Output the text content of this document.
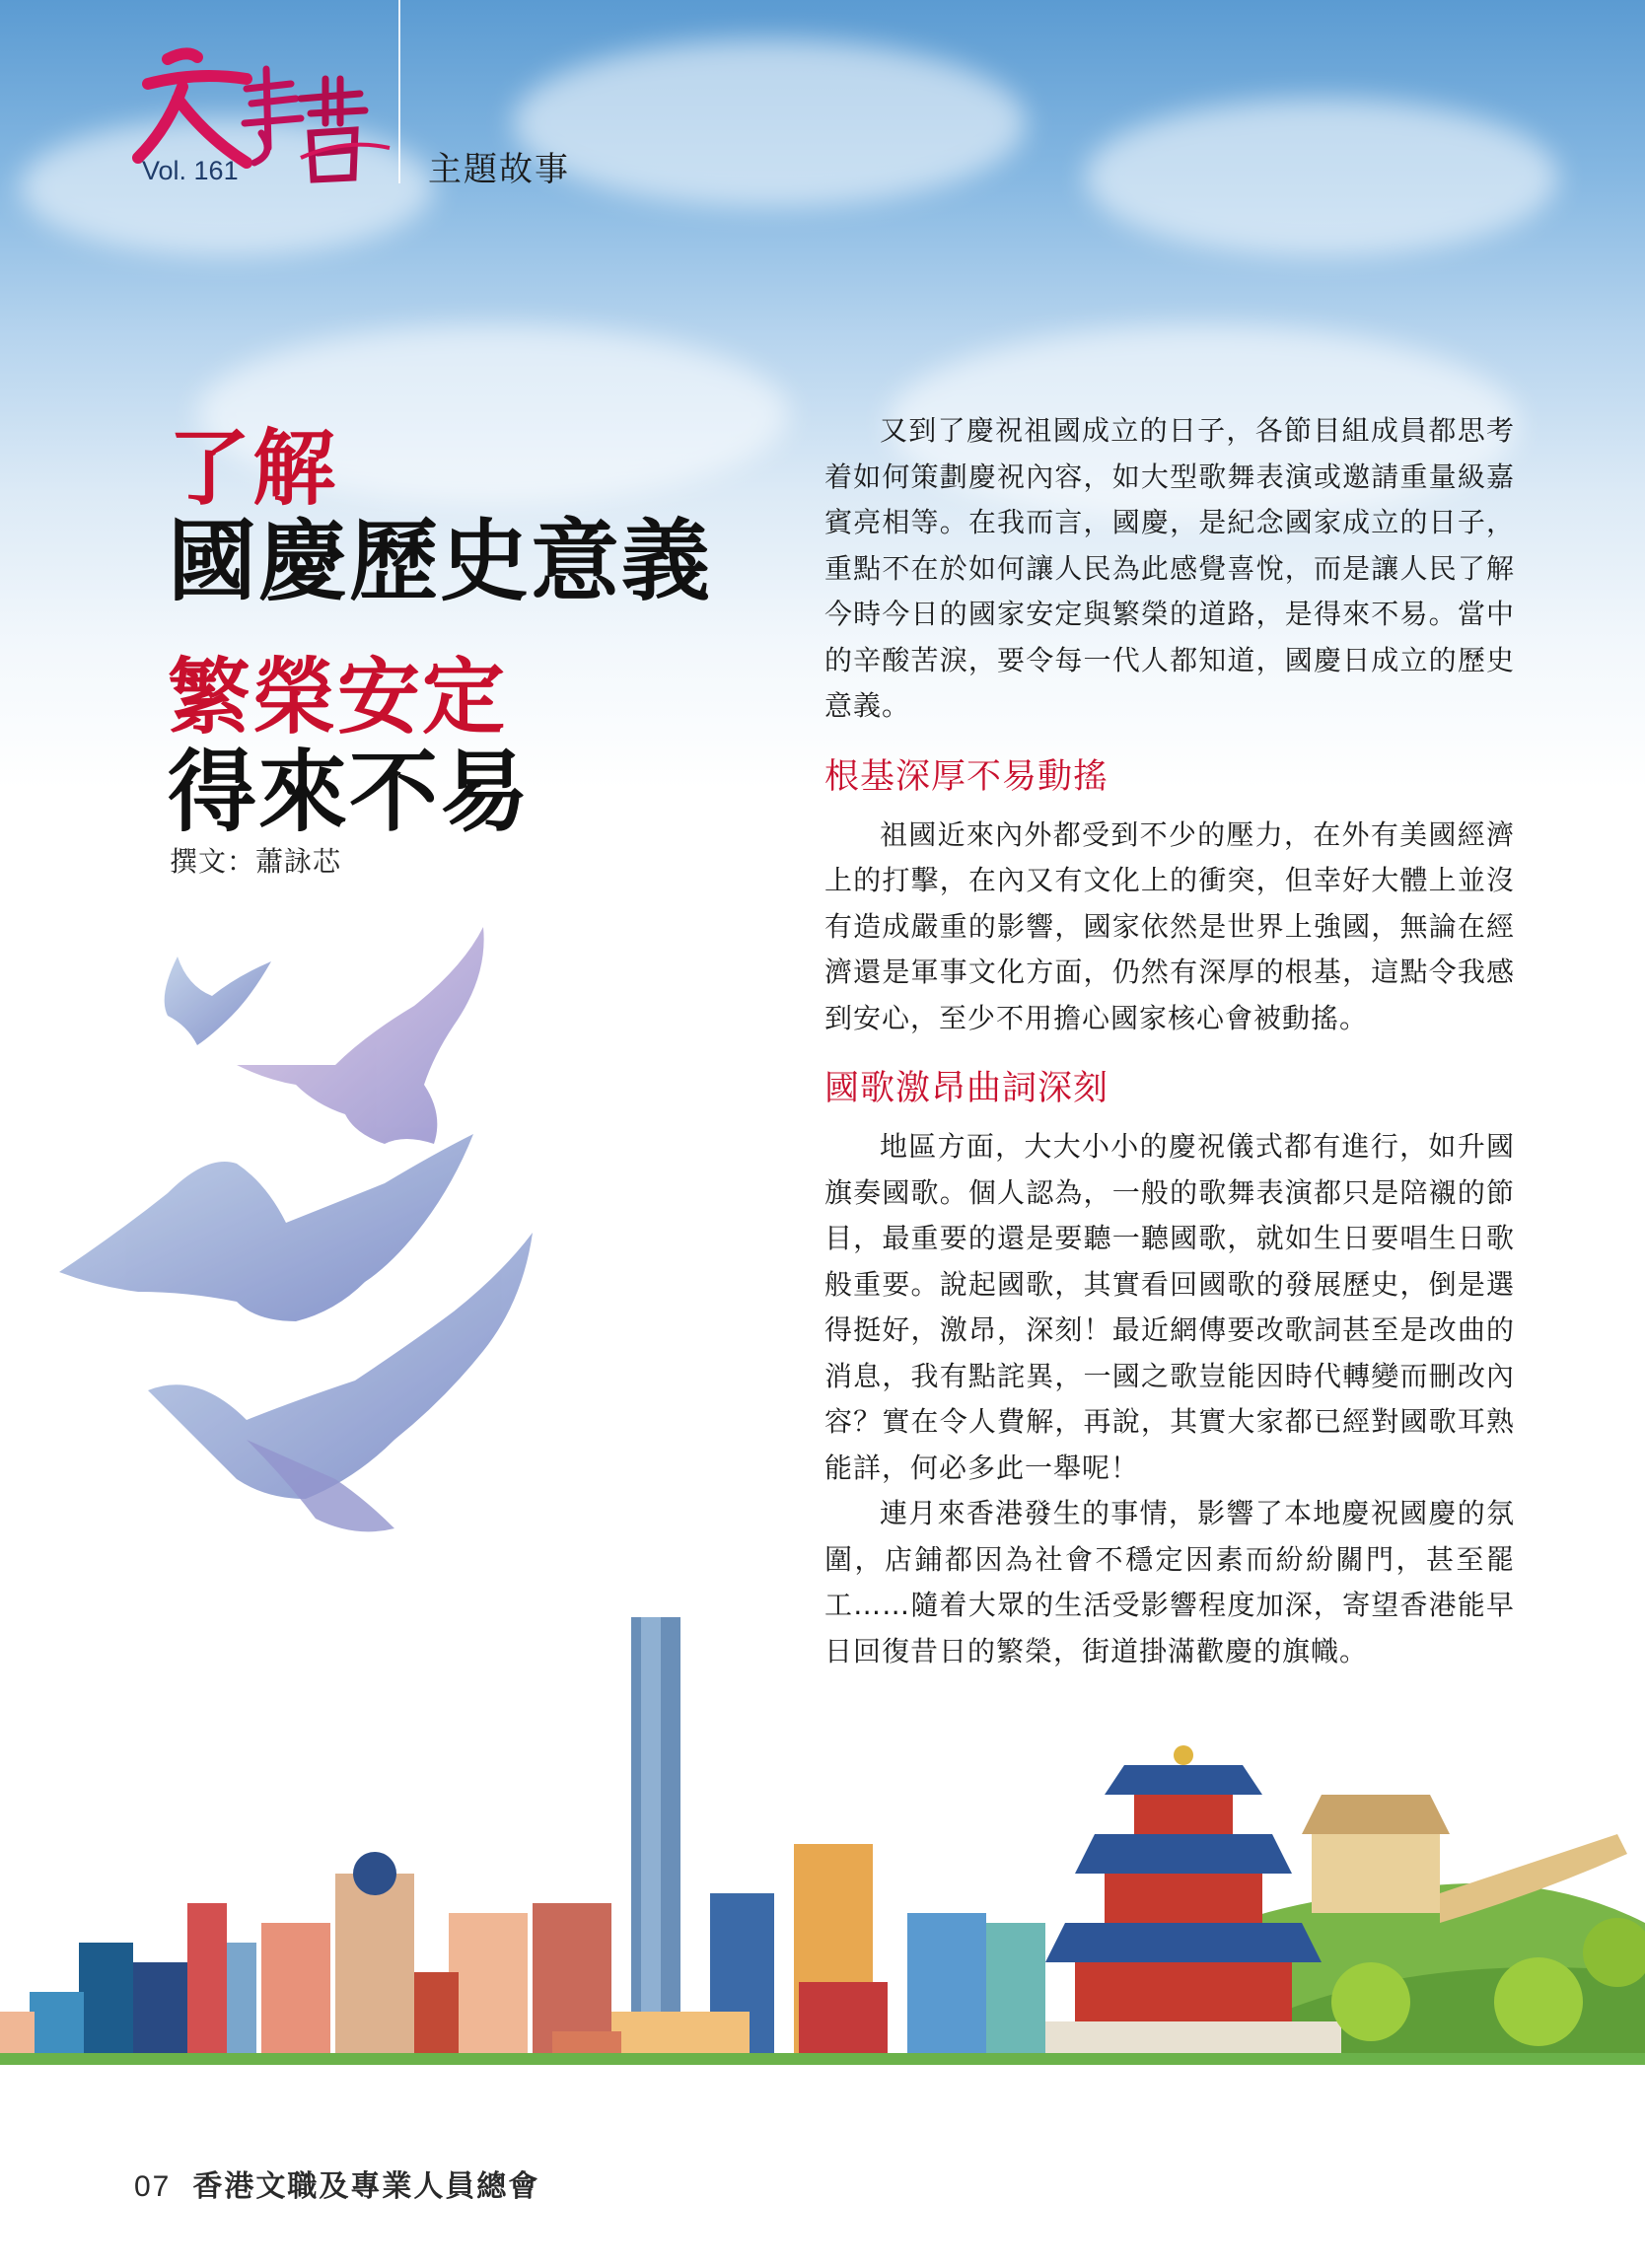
Vol. 161	主題故事
了解
國慶歷史意義
繁榮安定
得來不易
撰文：蕭詠芯

又到了慶祝祖國成立的日子，各節目組成員都思考着如何策劃慶祝內容，如大型歌舞表演或邀請重量級嘉賓亮相等。在我而言，國慶，是紀念國家成立的日子，重點不在於如何讓人民為此感覺喜悅，而是讓人民了解今時今日的國家安定與繁榮的道路，是得來不易。當中的辛酸苦淚，要令每一代人都知道，國慶日成立的歷史意義。

根基深厚不易動搖

祖國近來內外都受到不少的壓力，在外有美國經濟上的打擊，在內又有文化上的衝突，但幸好大體上並沒有造成嚴重的影響，國家依然是世界上強國，無論在經濟還是軍事文化方面，仍然有深厚的根基，這點令我感到安心，至少不用擔心國家核心會被動搖。

國歌激昂曲詞深刻

地區方面，大大小小的慶祝儀式都有進行，如升國旗奏國歌。個人認為，一般的歌舞表演都只是陪襯的節目，最重要的還是要聽一聽國歌，就如生日要唱生日歌般重要。說起國歌，其實看回國歌的發展歷史，倒是選得挺好，激昂，深刻！最近網傳要改歌詞甚至是改曲的消息，我有點詫異，一國之歌豈能因時代轉變而刪改內容？實在令人費解，再說，其實大家都已經對國歌耳熟能詳，何必多此一舉呢！

連月來香港發生的事情，影響了本地慶祝國慶的氛圍，店鋪都因為社會不穩定因素而紛紛關門，甚至罷工……隨着大眾的生活受影響程度加深，寄望香港能早日回復昔日的繁榮，街道掛滿歡慶的旗幟。

07 香港文職及專業人員總會
